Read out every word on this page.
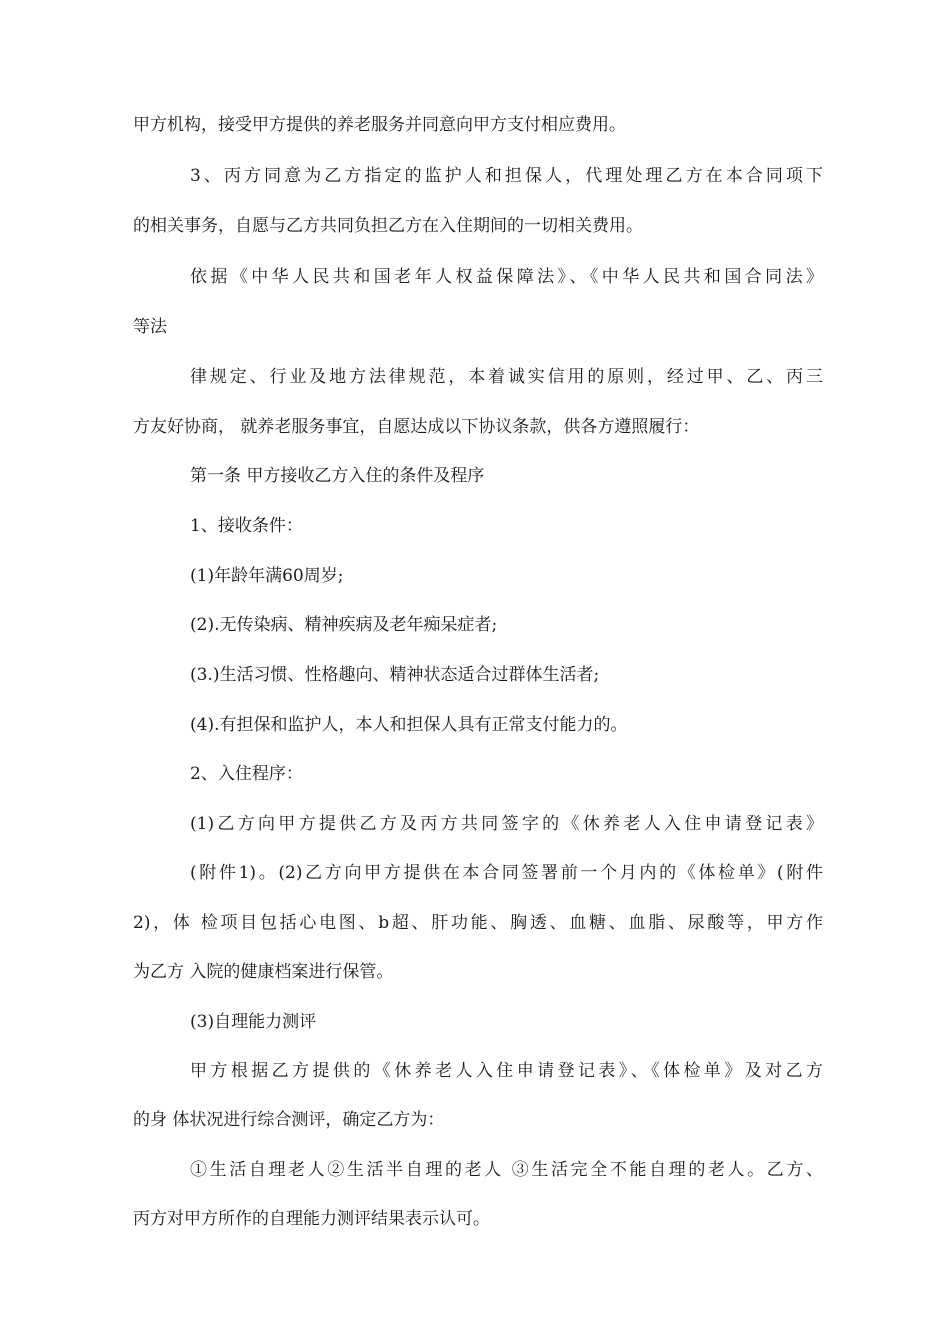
甲方机构，接受甲方提供的养老服务并同意向甲方支付相应费用。
3、丙方同意为乙方指定的监护人和担保人，代理处理乙方在本合同项下
的相关事务，自愿与乙方共同负担乙方在入住期间的一切相关费用。
依据《中华人民共和国老年人权益保障法》、《中华人民共和国合同法》
等法
律规定、行业及地方法律规范，本着诚实信用的原则，经过甲、乙、丙三
方友好协商， 就养老服务事宜，自愿达成以下协议条款，供各方遵照履行：
第一条 甲方接收乙方入住的条件及程序
1、接收条件：
(1)年龄年满60周岁;
(2).无传染病、精神疾病及老年痴呆症者;
(3.)生活习惯、性格趣向、精神状态适合过群体生活者;
(4).有担保和监护人，本人和担保人具有正常支付能力的。
2、入住程序：
(1)乙方向甲方提供乙方及丙方共同签字的《休养老人入住申请登记表》
(附件1)。(2)乙方向甲方提供在本合同签署前一个月内的《体检单》(附件
2)，体 检项目包括心电图、b超、肝功能、胸透、血糖、血脂、尿酸等，甲方作
为乙方 入院的健康档案进行保管。
(3)自理能力测评
甲方根据乙方提供的《休养老人入住申请登记表》、《体检单》及对乙方
的身 体状况进行综合测评，确定乙方为：
①生活自理老人②生活半自理的老人 ③生活完全不能自理的老人。乙方、
丙方对甲方所作的自理能力测评结果表示认可。
